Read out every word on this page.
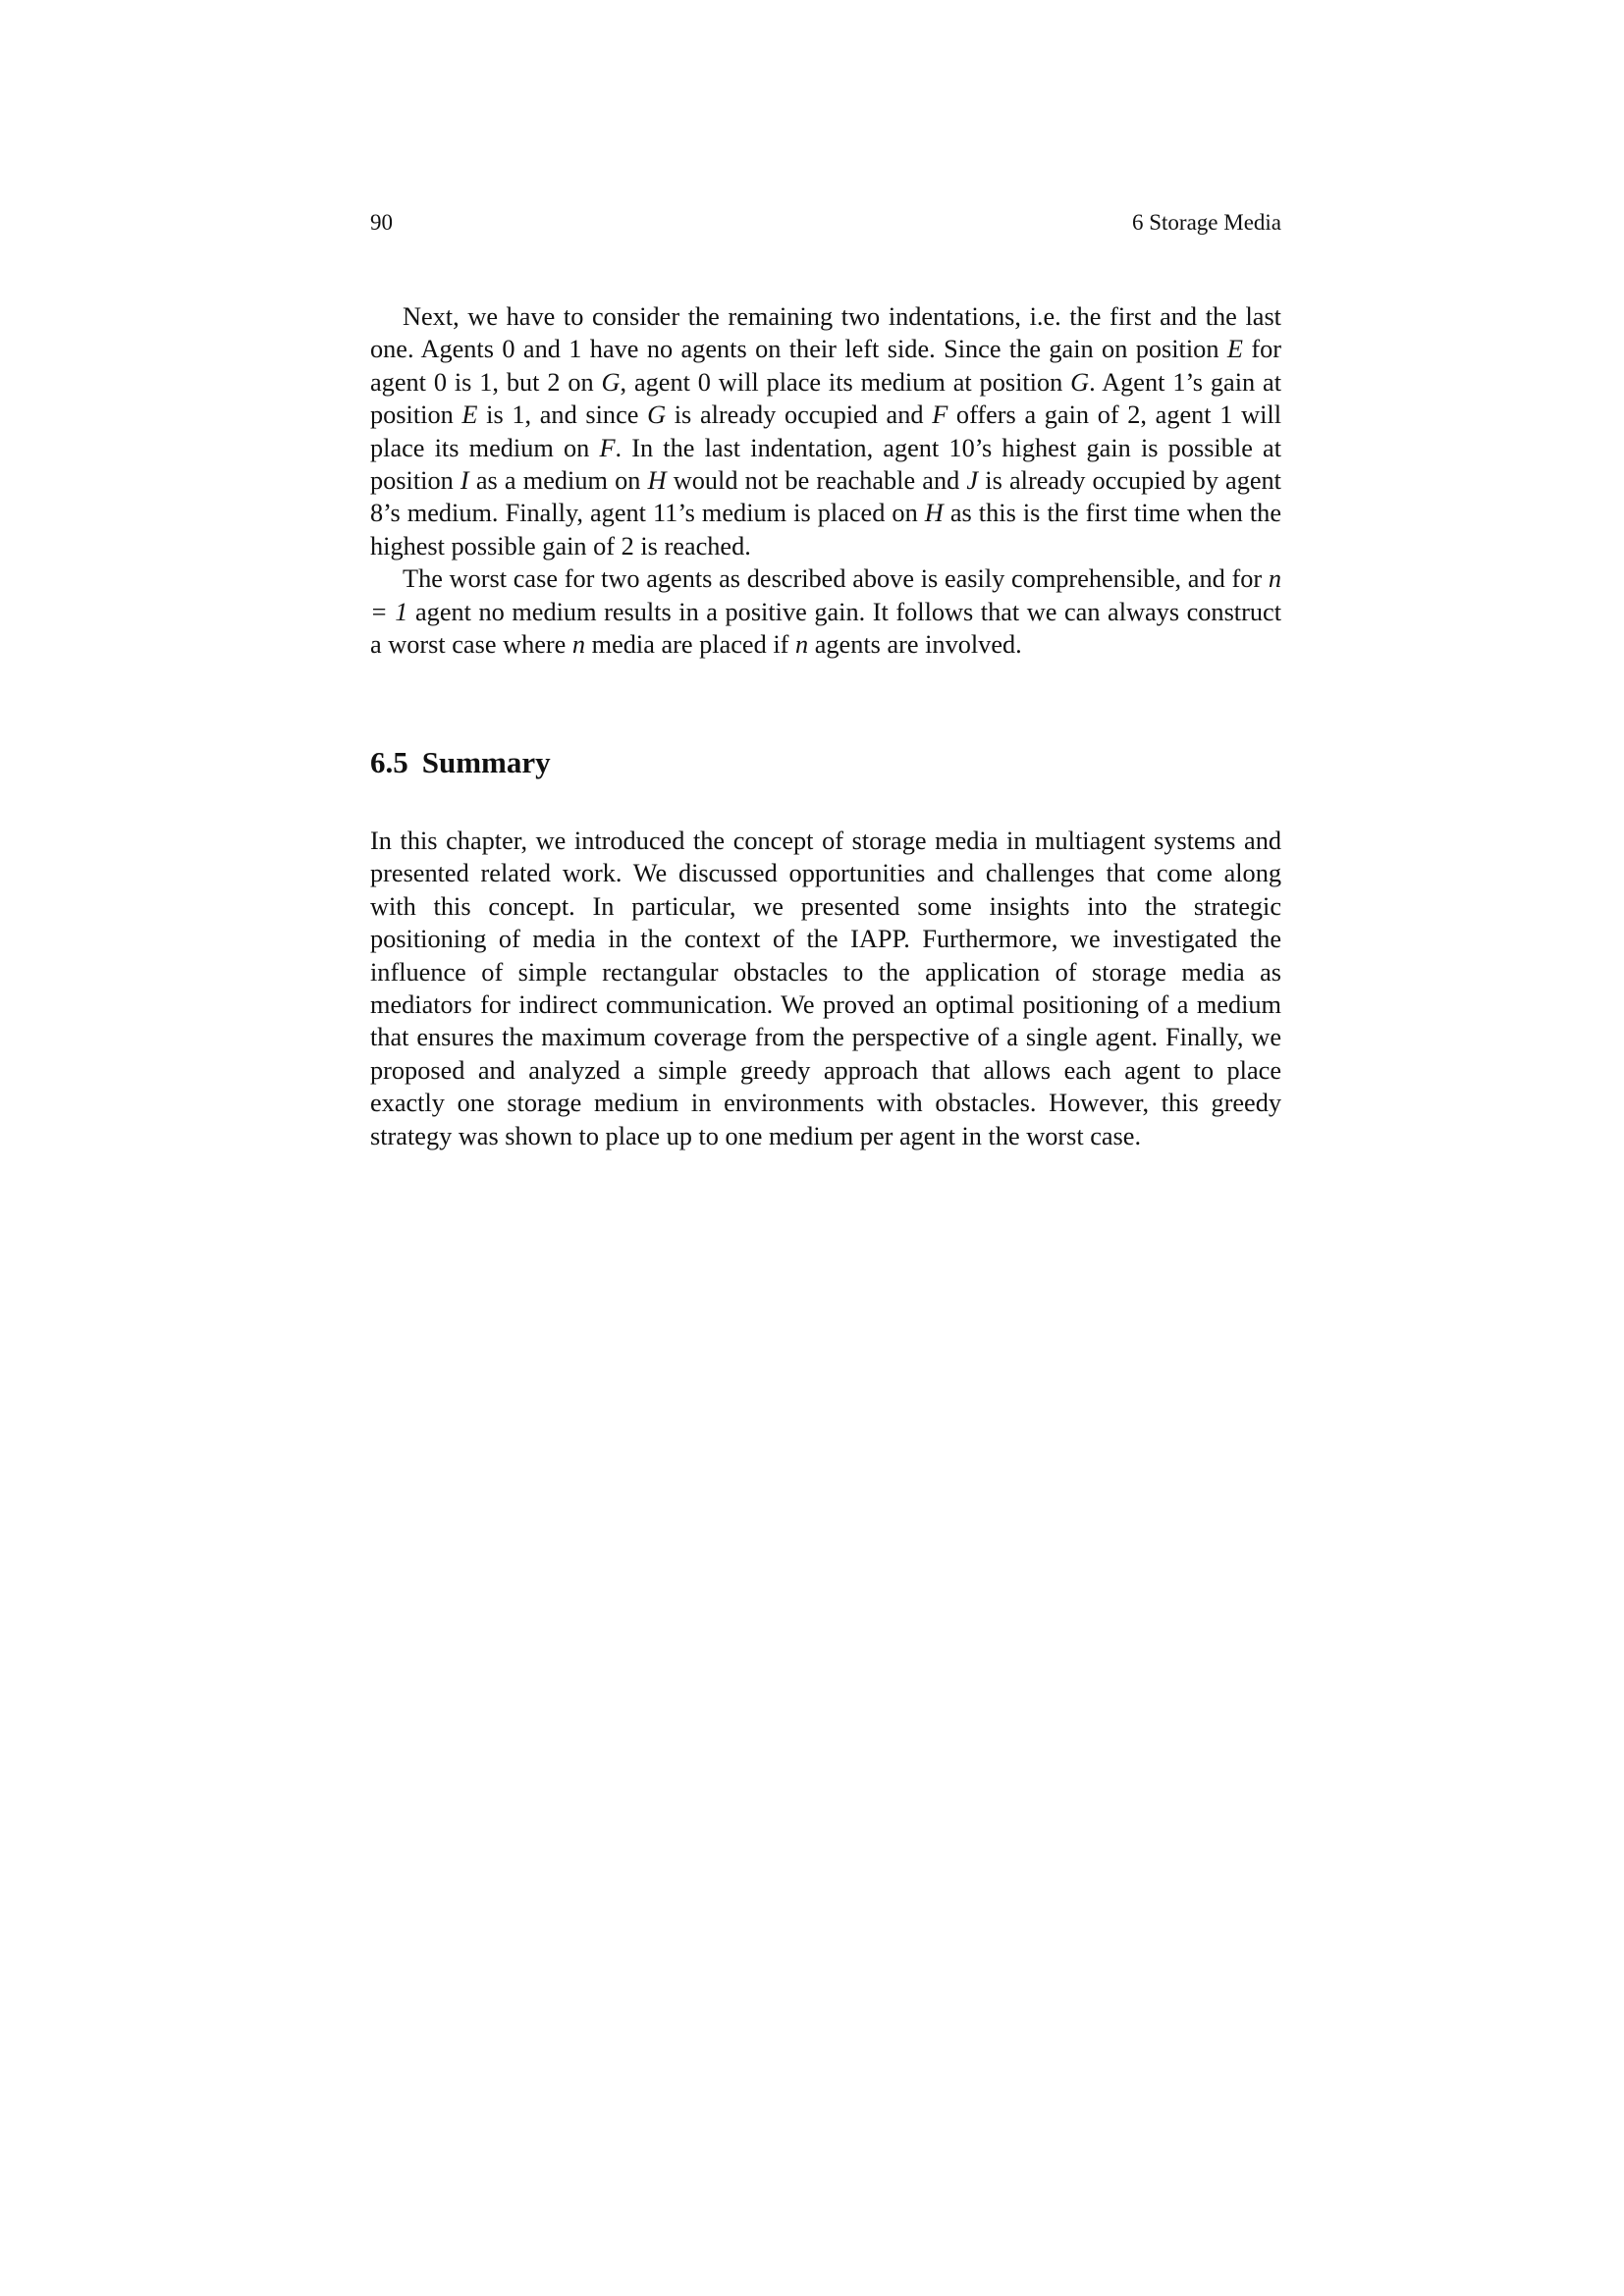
90	6 Storage Media

Next, we have to consider the remaining two indentations, i.e. the first and the last one. Agents 0 and 1 have no agents on their left side. Since the gain on position E for agent 0 is 1, but 2 on G, agent 0 will place its medium at position G. Agent 1’s gain at position E is 1, and since G is already occupied and F offers a gain of 2, agent 1 will place its medium on F. In the last indentation, agent 10’s highest gain is possible at position I as a medium on H would not be reachable and J is already occupied by agent 8’s medium. Finally, agent 11’s medium is placed on H as this is the first time when the highest possible gain of 2 is reached.

The worst case for two agents as described above is easily comprehensible, and for n = 1 agent no medium results in a positive gain. It follows that we can always construct a worst case where n media are placed if n agents are involved.

6.5 Summary

In this chapter, we introduced the concept of storage media in multiagent systems and presented related work. We discussed opportunities and challenges that come along with this concept. In particular, we presented some insights into the strategic positioning of media in the context of the IAPP. Furthermore, we investigated the influence of simple rectangular obstacles to the application of storage media as mediators for indirect communication. We proved an optimal positioning of a medium that ensures the maximum coverage from the perspective of a single agent. Finally, we proposed and analyzed a simple greedy approach that allows each agent to place exactly one storage medium in environments with obstacles. However, this greedy strategy was shown to place up to one medium per agent in the worst case.
